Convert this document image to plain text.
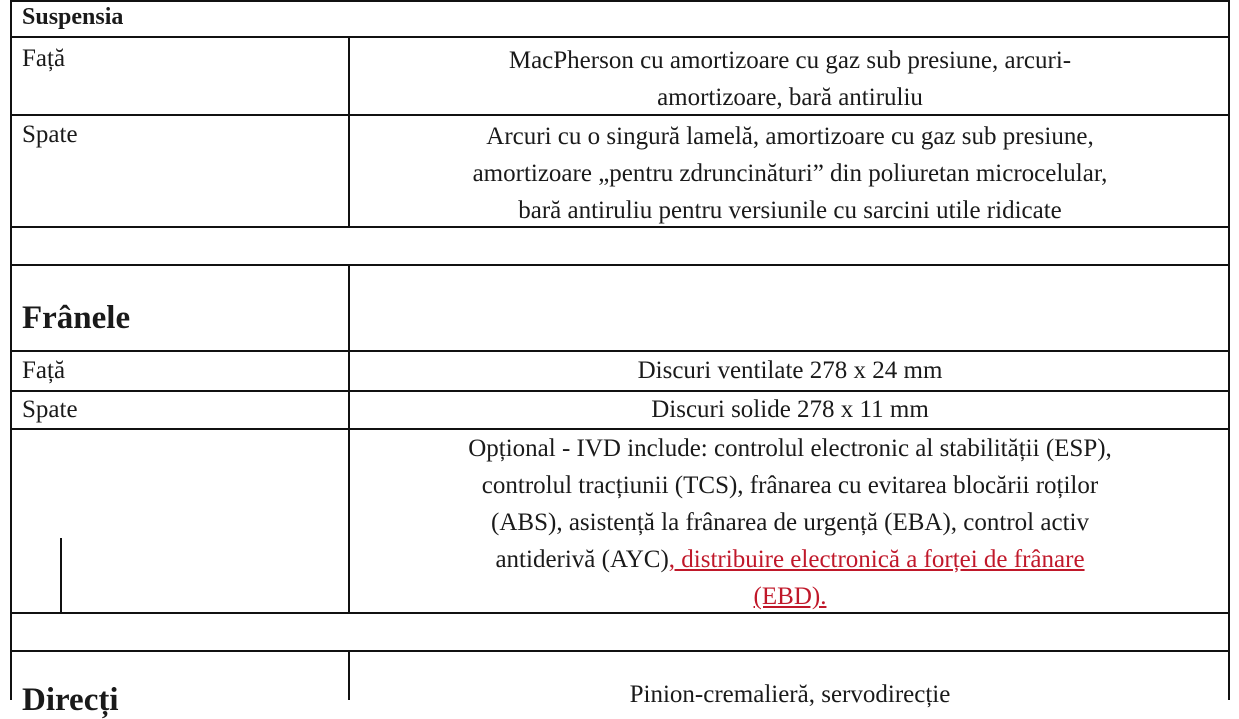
Suspensia
Față	MacPherson cu amortizoare cu gaz sub presiune, arcuri-
amortizoare, bară antiruliu
Spate	Arcuri cu o singură lamelă, amortizoare cu gaz sub presiune,
amortizoare „pentru zdruncinături” din poliuretan microcelular,
bară antiruliu pentru versiunile cu sarcini utile ridicate
Frânele
Față	Discuri ventilate 278 x 24 mm
Spate	Discuri solide 278 x 11 mm
Opțional - IVD include: controlul electronic al stabilității (ESP),
controlul tracțiunii (TCS), frânarea cu evitarea blocării roților
(ABS), asistență la frânarea de urgență (EBA), control activ
antiderivă (AYC), distribuire electronică a forței de frânare
(EBD).
Direcți	Pinion-cremalieră, servodirecție
